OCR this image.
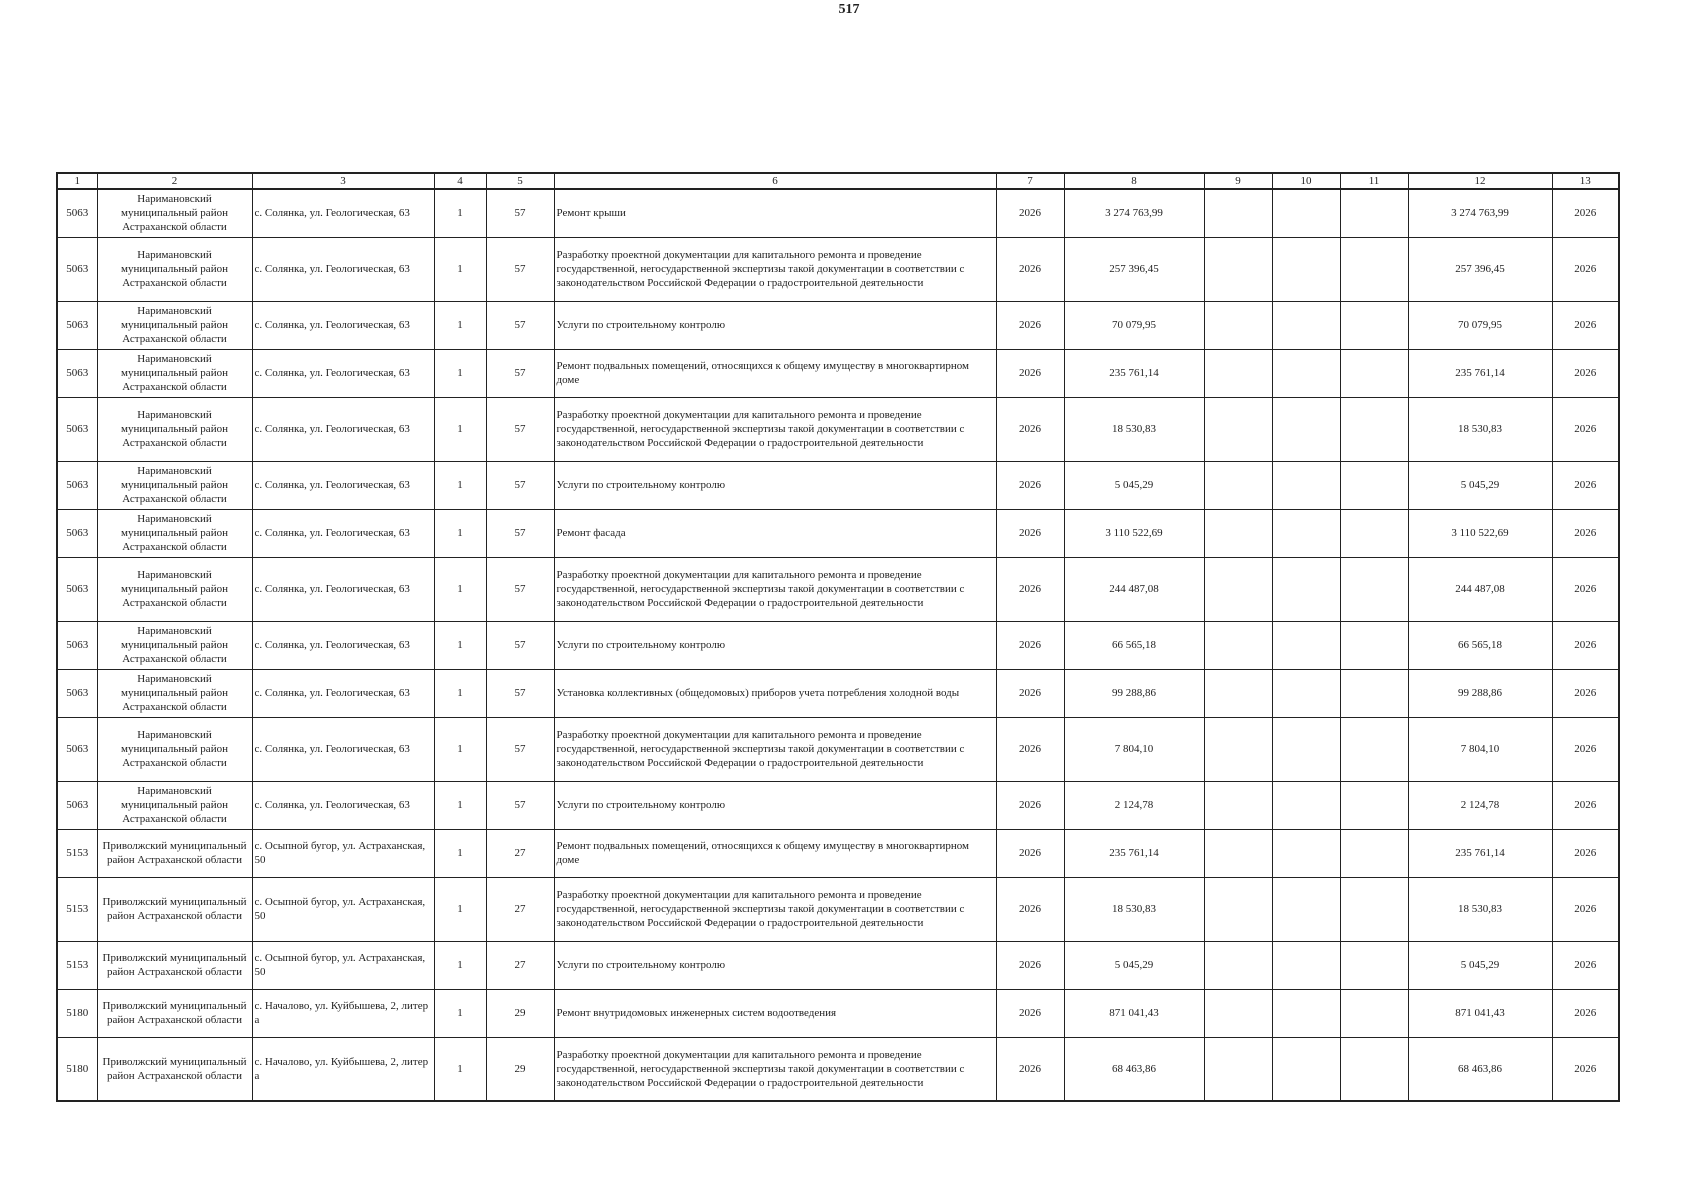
517
1	2	3	4	5	6	7	8	9	10	11	12	13
5063	Наримановский муниципальный район Астраханской области	с. Солянка, ул. Геологическая, 63	1	57	Ремонт крыши	2026	3 274 763,99				3 274 763,99	2026
5063	Наримановский муниципальный район Астраханской области	с. Солянка, ул. Геологическая, 63	1	57	Разработку проектной документации для капитального ремонта и проведение государственной, негосударственной экспертизы такой документации в соответствии с законодательством Российской Федерации о градостроительной деятельности	2026	257 396,45				257 396,45	2026
5063	Наримановский муниципальный район Астраханской области	с. Солянка, ул. Геологическая, 63	1	57	Услуги по строительному контролю	2026	70 079,95				70 079,95	2026
5063	Наримановский муниципальный район Астраханской области	с. Солянка, ул. Геологическая, 63	1	57	Ремонт подвальных помещений, относящихся к общему имуществу в многоквартирном доме	2026	235 761,14				235 761,14	2026
5063	Наримановский муниципальный район Астраханской области	с. Солянка, ул. Геологическая, 63	1	57	Разработку проектной документации для капитального ремонта и проведение государственной, негосударственной экспертизы такой документации в соответствии с законодательством Российской Федерации о градостроительной деятельности	2026	18 530,83				18 530,83	2026
5063	Наримановский муниципальный район Астраханской области	с. Солянка, ул. Геологическая, 63	1	57	Услуги по строительному контролю	2026	5 045,29				5 045,29	2026
5063	Наримановский муниципальный район Астраханской области	с. Солянка, ул. Геологическая, 63	1	57	Ремонт фасада	2026	3 110 522,69				3 110 522,69	2026
5063	Наримановский муниципальный район Астраханской области	с. Солянка, ул. Геологическая, 63	1	57	Разработку проектной документации для капитального ремонта и проведение государственной, негосударственной экспертизы такой документации в соответствии с законодательством Российской Федерации о градостроительной деятельности	2026	244 487,08				244 487,08	2026
5063	Наримановский муниципальный район Астраханской области	с. Солянка, ул. Геологическая, 63	1	57	Услуги по строительному контролю	2026	66 565,18				66 565,18	2026
5063	Наримановский муниципальный район Астраханской области	с. Солянка, ул. Геологическая, 63	1	57	Установка коллективных (общедомовых) приборов учета потребления холодной воды	2026	99 288,86				99 288,86	2026
5063	Наримановский муниципальный район Астраханской области	с. Солянка, ул. Геологическая, 63	1	57	Разработку проектной документации для капитального ремонта и проведение государственной, негосударственной экспертизы такой документации в соответствии с законодательством Российской Федерации о градостроительной деятельности	2026	7 804,10				7 804,10	2026
5063	Наримановский муниципальный район Астраханской области	с. Солянка, ул. Геологическая, 63	1	57	Услуги по строительному контролю	2026	2 124,78				2 124,78	2026
5153	Приволжский муниципальный район Астраханской области	с. Осыпной бугор, ул. Астраханская, 50	1	27	Ремонт подвальных помещений, относящихся к общему имуществу в многоквартирном доме	2026	235 761,14				235 761,14	2026
5153	Приволжский муниципальный район Астраханской области	с. Осыпной бугор, ул. Астраханская, 50	1	27	Разработку проектной документации для капитального ремонта и проведение государственной, негосударственной экспертизы такой документации в соответствии с законодательством Российской Федерации о градостроительной деятельности	2026	18 530,83				18 530,83	2026
5153	Приволжский муниципальный район Астраханской области	с. Осыпной бугор, ул. Астраханская, 50	1	27	Услуги по строительному контролю	2026	5 045,29				5 045,29	2026
5180	Приволжский муниципальный район Астраханской области	с. Началово, ул. Куйбышева, 2, литер а	1	29	Ремонт внутридомовых инженерных систем водоотведения	2026	871 041,43				871 041,43	2026
5180	Приволжский муниципальный район Астраханской области	с. Началово, ул. Куйбышева, 2, литер а	1	29	Разработку проектной документации для капитального ремонта и проведение государственной, негосударственной экспертизы такой документации в соответствии с законодательством Российской Федерации о градостроительной деятельности	2026	68 463,86				68 463,86	2026
